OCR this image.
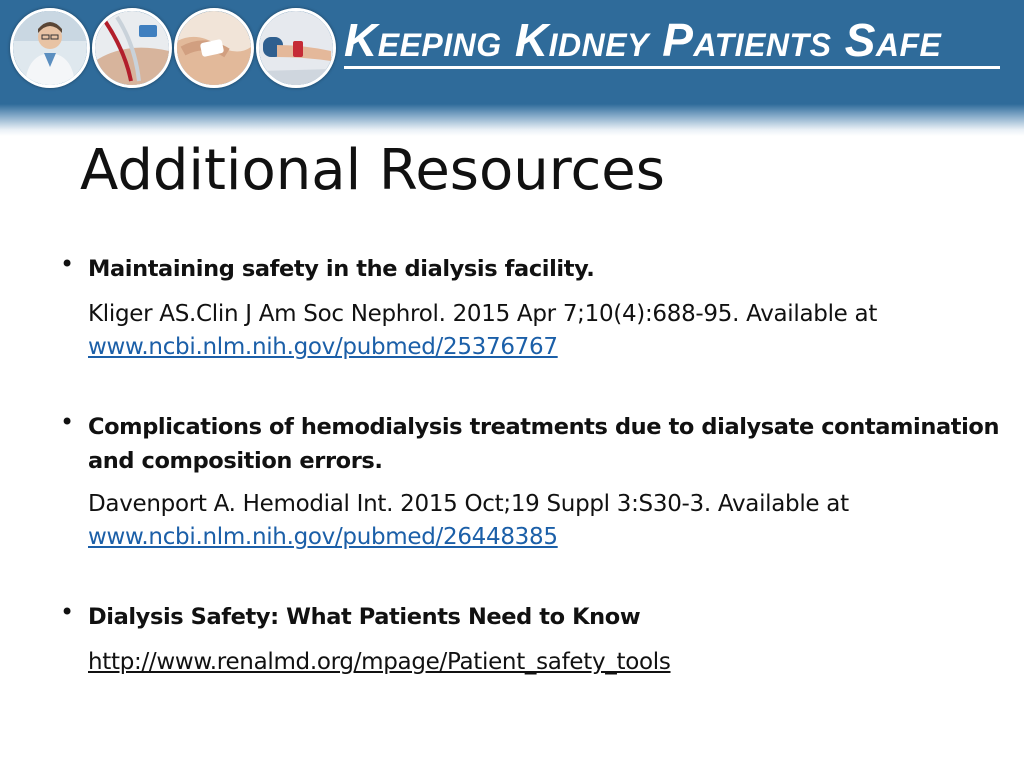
Keeping Kidney Patients Safe
Additional Resources
• Maintaining safety in the dialysis facility.
Kliger AS.Clin J Am Soc Nephrol. 2015 Apr 7;10(4):688-95. Available at
www.ncbi.nlm.nih.gov/pubmed/25376767
• Complications of hemodialysis treatments due to dialysate contamination
and composition errors.
Davenport A. Hemodial Int. 2015 Oct;19 Suppl 3:S30-3. Available at
www.ncbi.nlm.nih.gov/pubmed/26448385
• Dialysis Safety: What Patients Need to Know
http://www.renalmd.org/mpage/Patient_safety_tools
